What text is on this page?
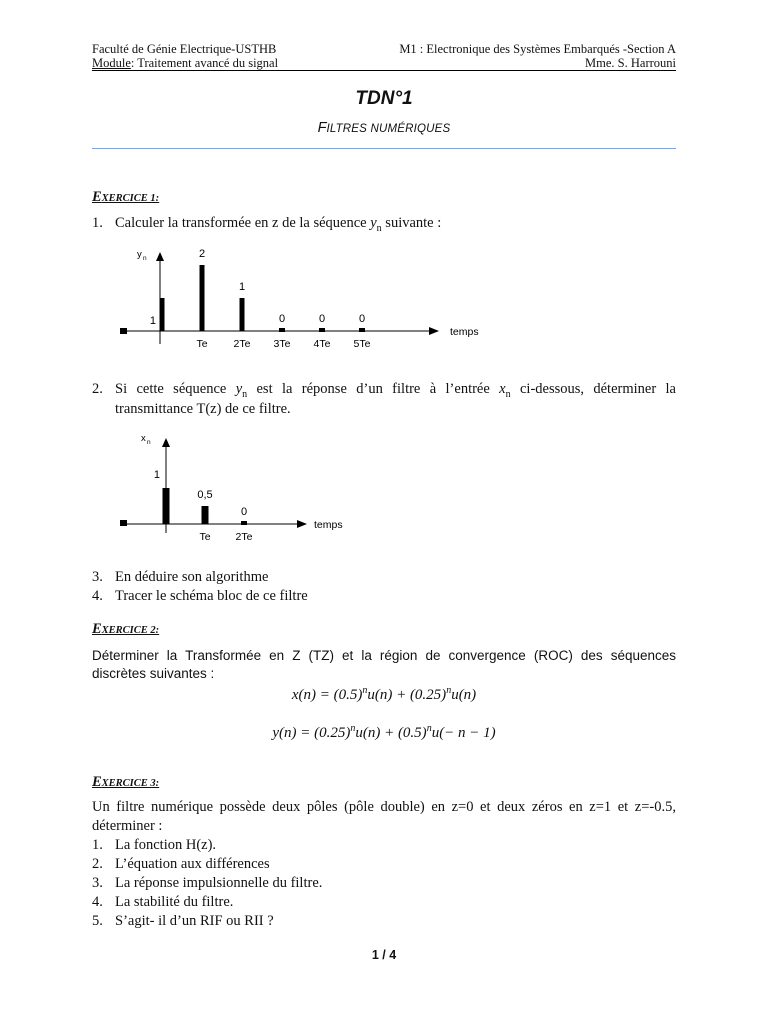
Faculté de Génie Electrique-USTHB
Module: Traitement avancé du signal
M1 : Electronique des Systèmes Embarqués -Section A
Mme. S. Harrouni
TDN°1
FILTRES NUMÉRIQUES
EXERCICE 1:
1. Calculer la transformée en z de la séquence $y_n$ suivante :
y n
temps
1
2
Te
1
2Te
0
3Te
0
4Te
0
5Te
2. Si cette séquence $y_n$ est la réponse d’un filtre à l’entrée $x_n$ ci-dessous, déterminer la
transmittance T(z) de ce filtre.
x n
temps
1
0,5
Te
0
2Te
3. En déduire son algorithme
4. Tracer le schéma bloc de ce filtre
EXERCICE 2:
Déterminer la Transformée en Z (TZ) et la région de convergence (ROC) des séquences
discrètes suivantes :
$x(n) = (0.5)^nu(n) + (0.25)^nu(n)$
$y(n) = (0.25)^nu(n) + (0.5)^nu(- n - 1)$
EXERCICE 3:
Un filtre numérique possède deux pôles (pôle double) en z=0 et deux zéros en z=1 et z=-0.5,
déterminer :
1. La fonction H(z).
2. L’équation aux différences
3. La réponse impulsionnelle du filtre.
4. La stabilité du filtre.
5. S’agit- il d’un RIF ou RII ?
1 / 4
